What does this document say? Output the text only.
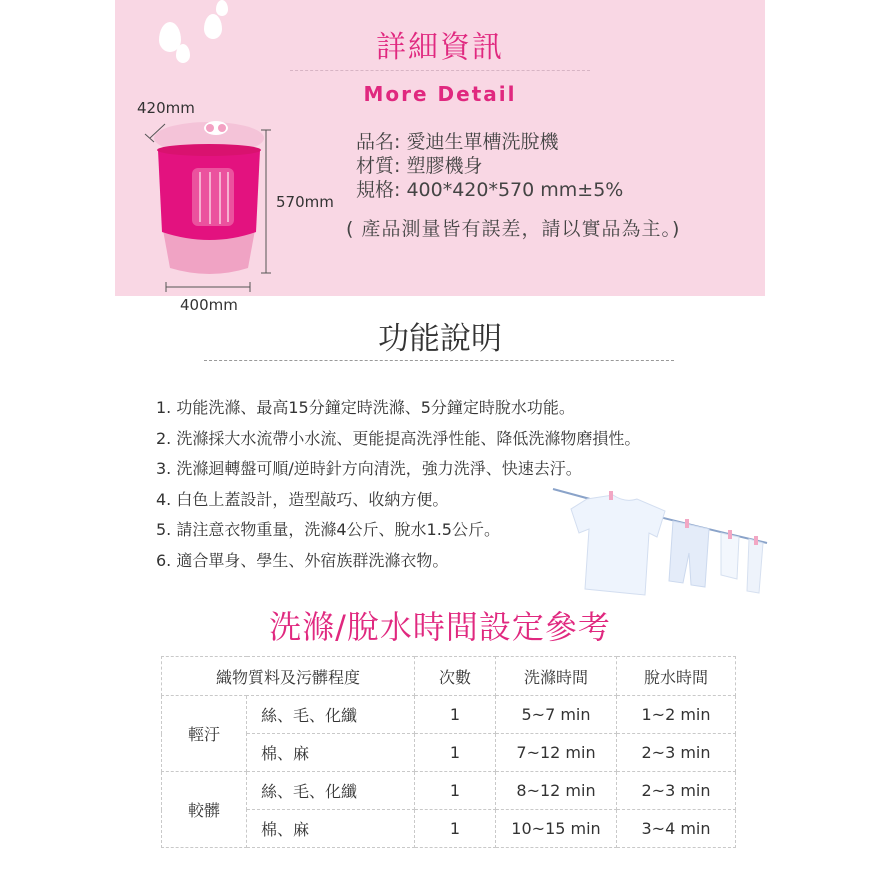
詳細資訊
More Detail
420mm
570mm
400mm
品名: 愛迪生單槽洗脫機
材質: 塑膠機身
規格: 400*420*570 mm±5%
( 產品測量皆有誤差，請以實品為主。)
功能說明
1. 功能洗滌、最高15分鐘定時洗滌、5分鐘定時脫水功能。
2. 洗滌採大水流帶小水流、更能提高洗淨性能、降低洗滌物磨損性。
3. 洗滌迴轉盤可順/逆時針方向清洗，強力洗淨、快速去汙。
4. 白色上蓋設計，造型敲巧、收納方便。
5. 請注意衣物重量，洗滌4公斤、脫水1.5公斤。
6. 適合單身、學生、外宿族群洗滌衣物。
洗滌/脫水時間設定參考
織物質料及污髒程度		次數	洗滌時間	脫水時間
輕汙	絲、毛、化纖	1	5~7 min	1~2 min
	棉、麻	1	7~12 min	2~3 min
較髒	絲、毛、化纖	1	8~12 min	2~3 min
	棉、麻	1	10~15 min	3~4 min
